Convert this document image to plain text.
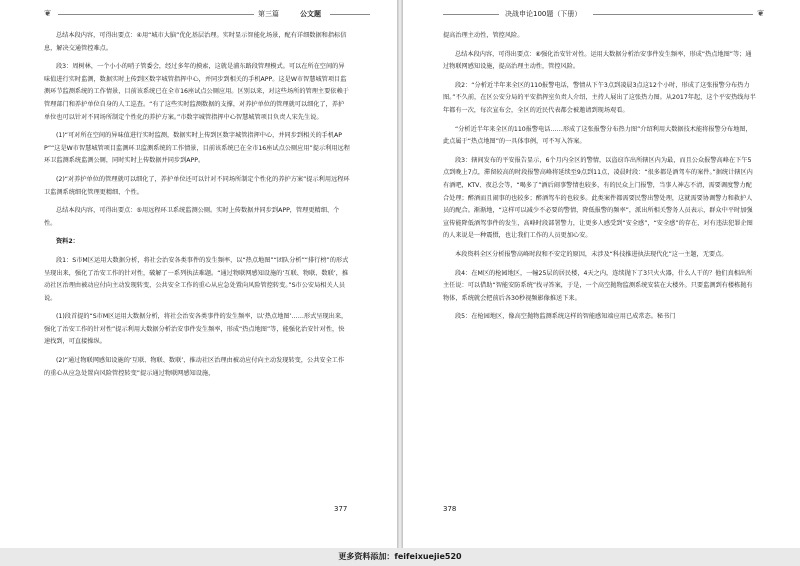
❦	第三篇	公文题

总结本段内容，可得出要点：④用“城市大脑”优化基层治理。实时显示智能化场景，配有详细数据和指标信息，解决交通管控难点。

段3：周树林，一个小小的哨子管委会，经过多年的摸索，这就是浦东路段管理模式。可以在所在空间的异味值进行实时监测，数据实时上传到区数字城管指挥中心，并同步到相关的手机APP。这是W市智慧城管项目监测环节监测系统的工作情景，目前该系统已在全市16座试点公厕应用。区别以来，对这些场所的管理主要依赖于管理部门和养护单位自身的人工巡查。“有了这些实时监测数据的支撑，对养护单位的管理就可以细化了，养护单位也可以针对不同场所制定个性化的养护方案。”市数字城管指挥中心智慧城管项目负责人宋先生说。

(1)“可对所在空间的异味值进行实时监测，数据实时上传到区数字城管指挥中心，并同步到相关的手机APP”“这是W市智慧城管项目监测环卫监测系统的工作情景，目前该系统已在全市16座试点公厕应用”提示利用远程环卫监测系统监测公厕，同时实时上传数据并同步到APP。

(2)“对养护单位的管理就可以细化了，养护单位还可以针对不同场所制定个性化的养护方案”提示利用远程环卫监测系统细化管理更精细、个性。

总结本段内容，可得出要点：⑤用远程环卫系统监测公厕。实时上传数据并同步到APP，管理更精细、个性。

资料2：

段1：S市M区运用大数据分析，将社会治安各类事件的发生频率，以“热点地图”“团队分析”“排行榜”的形式呈现出来，强化了治安工作的针对性，破解了一系列执法难题。“通过物联网感知设施的‘互联、物联、数联’，推动社区治理由被动应付向主动发现转变，公共安全工作的重心从应急处置向风险管控转变。”S市公安局相关人员说。

(1)段首提的“S市M区运用大数据分析，将社会治安各类事件的发生频率，以‘热点地图’……形式呈现出来，强化了治安工作的针对性”提示利用大数据分析治安事件发生频率，形成“热点地图”等，能强化治安针对性，快速找到，可直接操纵。

(2)“通过物联网感知设施的‘互联、物联、数联’，推动社区治理由被动应付向主动发现转变，公共安全工作的重心从应急处置向风险管控转变”提示通过物联网感知设施，

377
决战申论100题（下册）	❦

提高治理主动性，管控风险。

总结本段内容，可得出要点：⑥强化治安针对性。运用大数据分析治安事件发生频率，形成“热点地图”等；通过物联网感知设施，提高治理主动性，管控风险。

段2：“分析近半年来全区的110报警电话，警情从下午3点到凌晨3点这12个小时，形成了这张报警分布热力图。”不久前，在区公安分局的平安指挥室负责人介绍，主持人展出了这张热力图。从2017年起，这个平安热线每半年都有一次，每次宣布会，全区的近民代表都会被邀请到现场观看。

“分析近半年来全区的110报警电话……形成了这张报警分布热力图”介绍利用大数据技术能将报警分布地图，此点属于“热点地图”的一具体事例，可不写入答案。

段3：辖间发布的平安报告显示，6个月内全区的警情，以盗窃诈出所辖区内为最，而且公众报警高峰在下午5点到晚上7点，滞留较高的时段报警高峰将延续至9点到11点，凌晨时段：“很多都是酒驾车的案件。”据统计辖区内有酒吧，KTV、夜总会等，“喝多了”酒后闹事警情也较多，有的民众上门报警，当事人神志不清，需要调度警力配合处理；醉酒而且闹事的也较多；醉酒驾车的也较多。此类案件都需要民警出警处理，这就需要协调警力和救护人员的配合。渐渐地，“这样可以减少不必要的警情，降低报警的频率”，派出所相关警务人员表示，群众中平时加强宣传能降低酒驾事件的发生，高峰时段部署警力，让更多人感受到“安全感”，“安全感”的存在，对有违法犯罪企图的人来说是一种震慑，也让我们工作的人员更加心安。

本段资料全区分析报警高峰时段和不安定的原因，未涉及“科技推进执法现代化”这一主题，无要点。

段4：在M区的枪园地区，一幢25层的居民楼，4天之内，连续抛下了3只火火器，什么人干的？他们真相出所主任说：可以借助“智能安防系统”找寻答案，于是，一个高空抛物监测系统安装在大楼外。只要监测到有楼栋抛有物体，系统就会把前后各30秒视频影像推送下来。

段5：在枪园地区，像高空抛物监测系统这样的智能感知端应用已成常态。秘书门

378
更多资料添加：feifeixuejie520
